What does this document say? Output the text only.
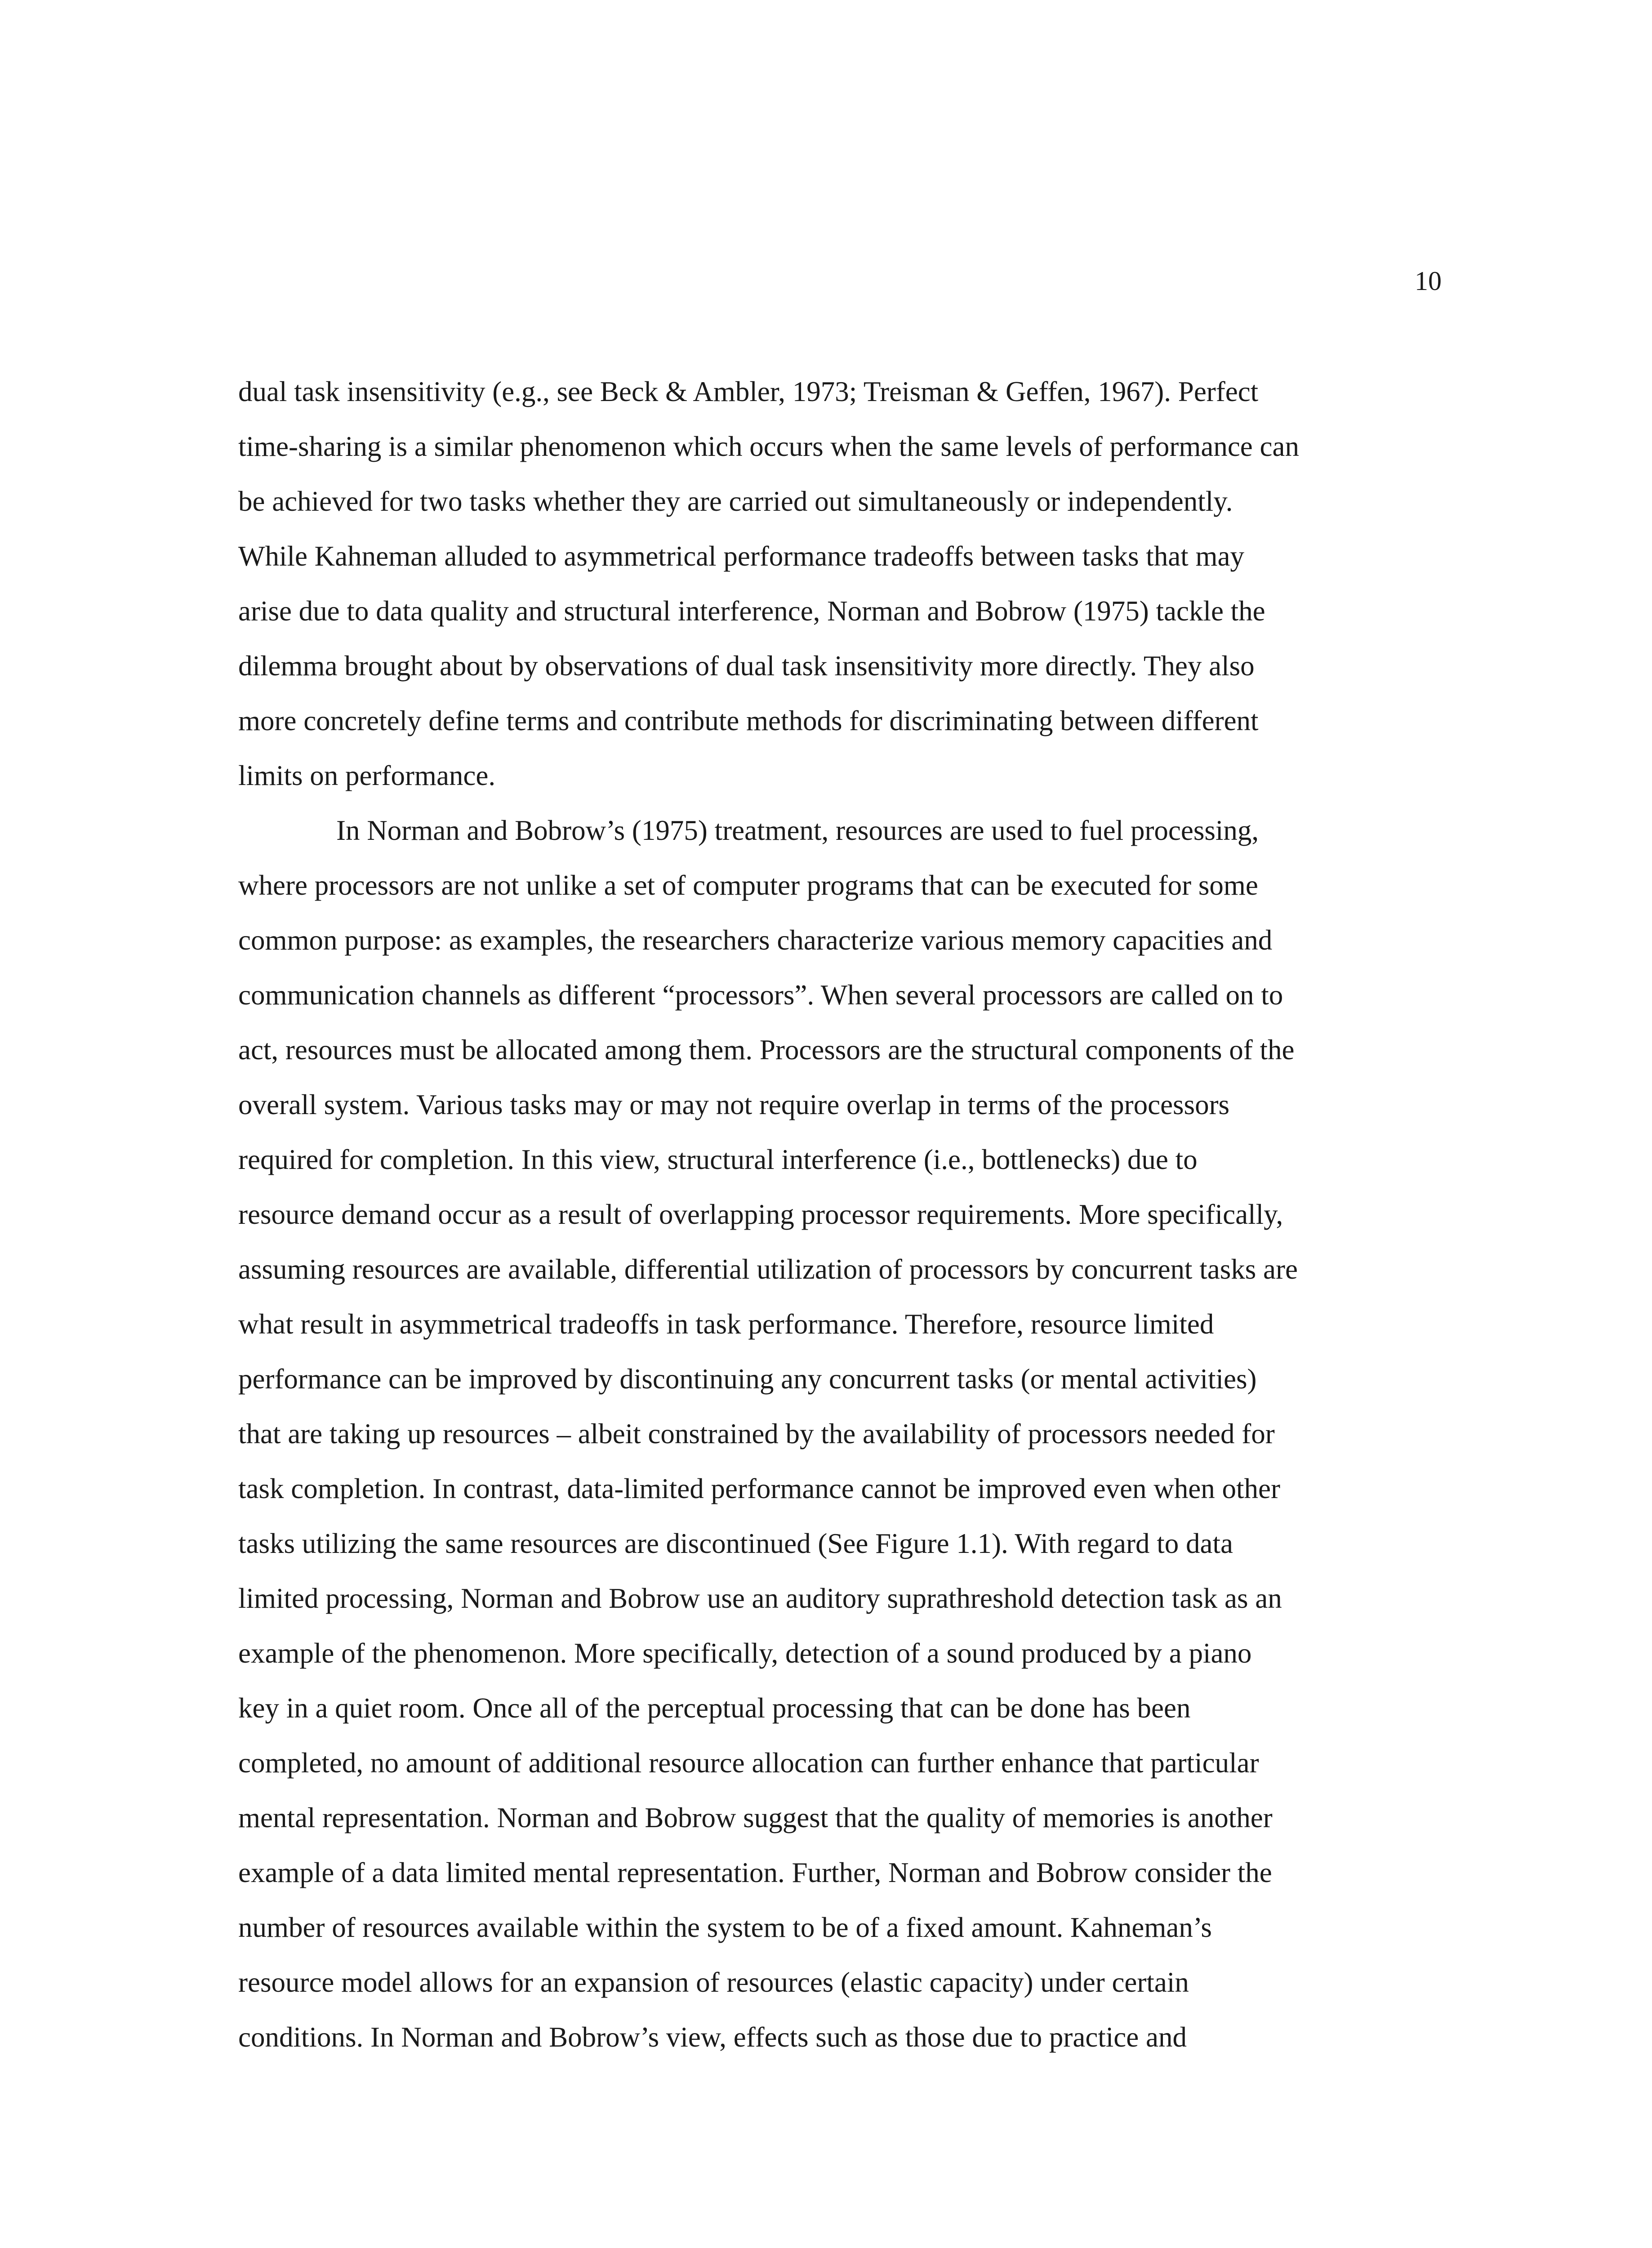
10
dual task insensitivity (e.g., see Beck & Ambler, 1973; Treisman & Geffen, 1967). Perfect
time-sharing is a similar phenomenon which occurs when the same levels of performance can
be achieved for two tasks whether they are carried out simultaneously or independently.
While Kahneman alluded to asymmetrical performance tradeoffs between tasks that may
arise due to data quality and structural interference, Norman and Bobrow (1975) tackle the
dilemma brought about by observations of dual task insensitivity more directly. They also
more concretely define terms and contribute methods for discriminating between different
limits on performance.
In Norman and Bobrow’s (1975) treatment, resources are used to fuel processing,
where processors are not unlike a set of computer programs that can be executed for some
common purpose: as examples, the researchers characterize various memory capacities and
communication channels as different “processors”. When several processors are called on to
act, resources must be allocated among them. Processors are the structural components of the
overall system. Various tasks may or may not require overlap in terms of the processors
required for completion. In this view, structural interference (i.e., bottlenecks) due to
resource demand occur as a result of overlapping processor requirements. More specifically,
assuming resources are available, differential utilization of processors by concurrent tasks are
what result in asymmetrical tradeoffs in task performance. Therefore, resource limited
performance can be improved by discontinuing any concurrent tasks (or mental activities)
that are taking up resources – albeit constrained by the availability of processors needed for
task completion. In contrast, data-limited performance cannot be improved even when other
tasks utilizing the same resources are discontinued (See Figure 1.1). With regard to data
limited processing, Norman and Bobrow use an auditory suprathreshold detection task as an
example of the phenomenon. More specifically, detection of a sound produced by a piano
key in a quiet room. Once all of the perceptual processing that can be done has been
completed, no amount of additional resource allocation can further enhance that particular
mental representation. Norman and Bobrow suggest that the quality of memories is another
example of a data limited mental representation. Further, Norman and Bobrow consider the
number of resources available within the system to be of a fixed amount. Kahneman’s
resource model allows for an expansion of resources (elastic capacity) under certain
conditions. In Norman and Bobrow’s view, effects such as those due to practice and
